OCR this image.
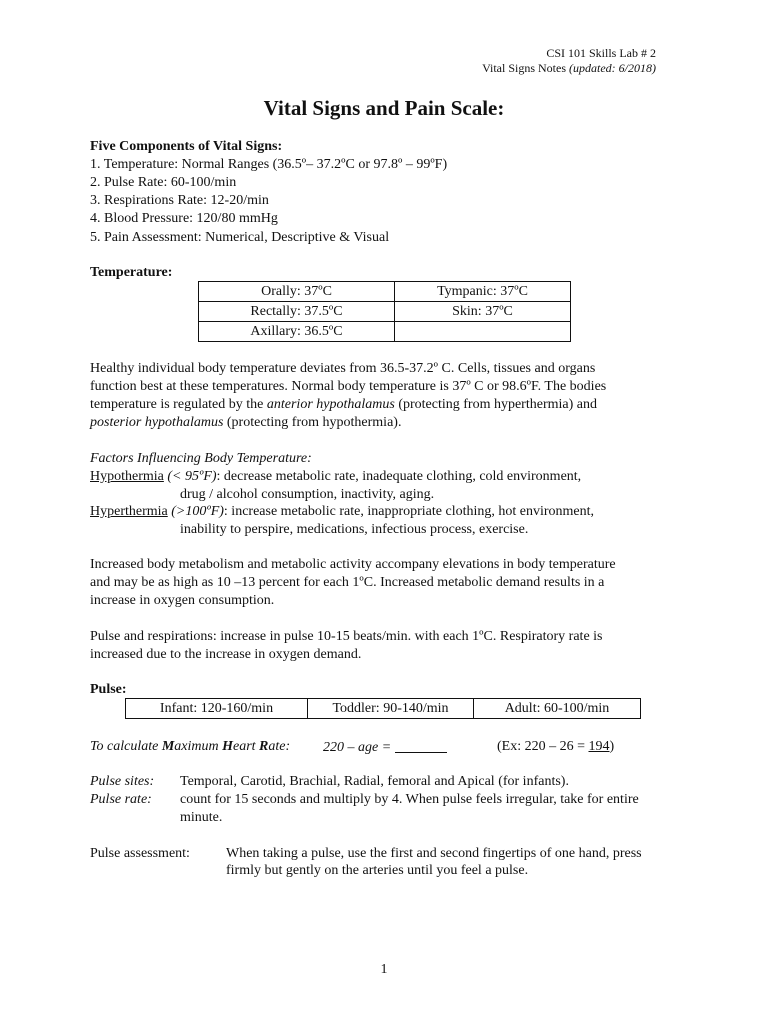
CSI 101 Skills Lab # 2
Vital Signs Notes (updated: 6/2018)
Vital Signs and Pain Scale:
Five Components of Vital Signs:
1. Temperature: Normal Ranges (36.5º– 37.2ºC or 97.8º – 99ºF)
2. Pulse Rate: 60-100/min
3. Respirations Rate: 12-20/min
4. Blood Pressure: 120/80 mmHg
5. Pain Assessment: Numerical, Descriptive & Visual
Temperature:
Orally: 37ºC	Tympanic: 37ºC
Rectally: 37.5ºC	Skin: 37ºC
Axillary: 36.5ºC	
Healthy individual body temperature deviates from 36.5-37.2º C. Cells, tissues and organs
function best at these temperatures. Normal body temperature is 37º C or 98.6ºF. The bodies
temperature is regulated by the anterior hypothalamus (protecting from hyperthermia) and
posterior hypothalamus (protecting from hypothermia).
Factors Influencing Body Temperature:
Hypothermia (< 95ºF): decrease metabolic rate, inadequate clothing, cold environment,
drug / alcohol consumption, inactivity, aging.
Hyperthermia (>100ºF): increase metabolic rate, inappropriate clothing, hot environment,
inability to perspire, medications, infectious process, exercise.
Increased body metabolism and metabolic activity accompany elevations in body temperature
and may be as high as 10 –13 percent for each 1ºC. Increased metabolic demand results in a
increase in oxygen consumption.
Pulse and respirations: increase in pulse 10-15 beats/min. with each 1ºC. Respiratory rate is
increased due to the increase in oxygen demand.
Pulse:
Infant: 120-160/min	Toddler: 90-140/min	Adult: 60-100/min
To calculate Maximum Heart Rate: 220 – age =	(Ex: 220 – 26 = 194)
Pulse sites: Temporal, Carotid, Brachial, Radial, femoral and Apical (for infants).
Pulse rate: count for 15 seconds and multiply by 4. When pulse feels irregular, take for entire
minute.
Pulse assessment:	When taking a pulse, use the first and second fingertips of one hand, press
firmly but gently on the arteries until you feel a pulse.
1
